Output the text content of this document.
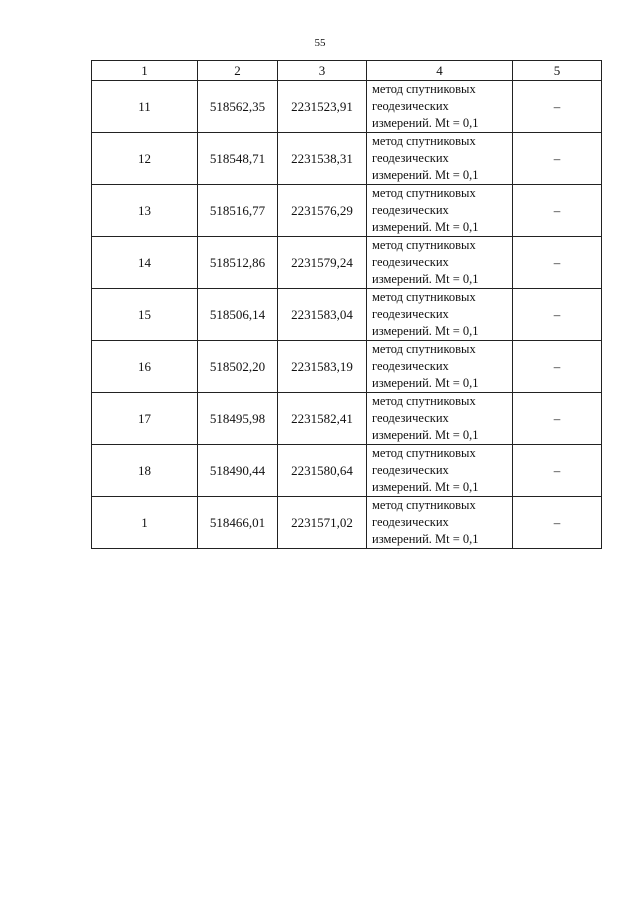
55
1	2	3	4	5
11	518562,35	2231523,91	метод спутниковых
геодезических
измерений. Mt = 0,1	–
12	518548,71	2231538,31	метод спутниковых
геодезических
измерений. Mt = 0,1	–
13	518516,77	2231576,29	метод спутниковых
геодезических
измерений. Mt = 0,1	–
14	518512,86	2231579,24	метод спутниковых
геодезических
измерений. Mt = 0,1	–
15	518506,14	2231583,04	метод спутниковых
геодезических
измерений. Mt = 0,1	–
16	518502,20	2231583,19	метод спутниковых
геодезических
измерений. Mt = 0,1	–
17	518495,98	2231582,41	метод спутниковых
геодезических
измерений. Mt = 0,1	–
18	518490,44	2231580,64	метод спутниковых
геодезических
измерений. Mt = 0,1	–
1	518466,01	2231571,02	метод спутниковых
геодезических
измерений. Mt = 0,1	–
